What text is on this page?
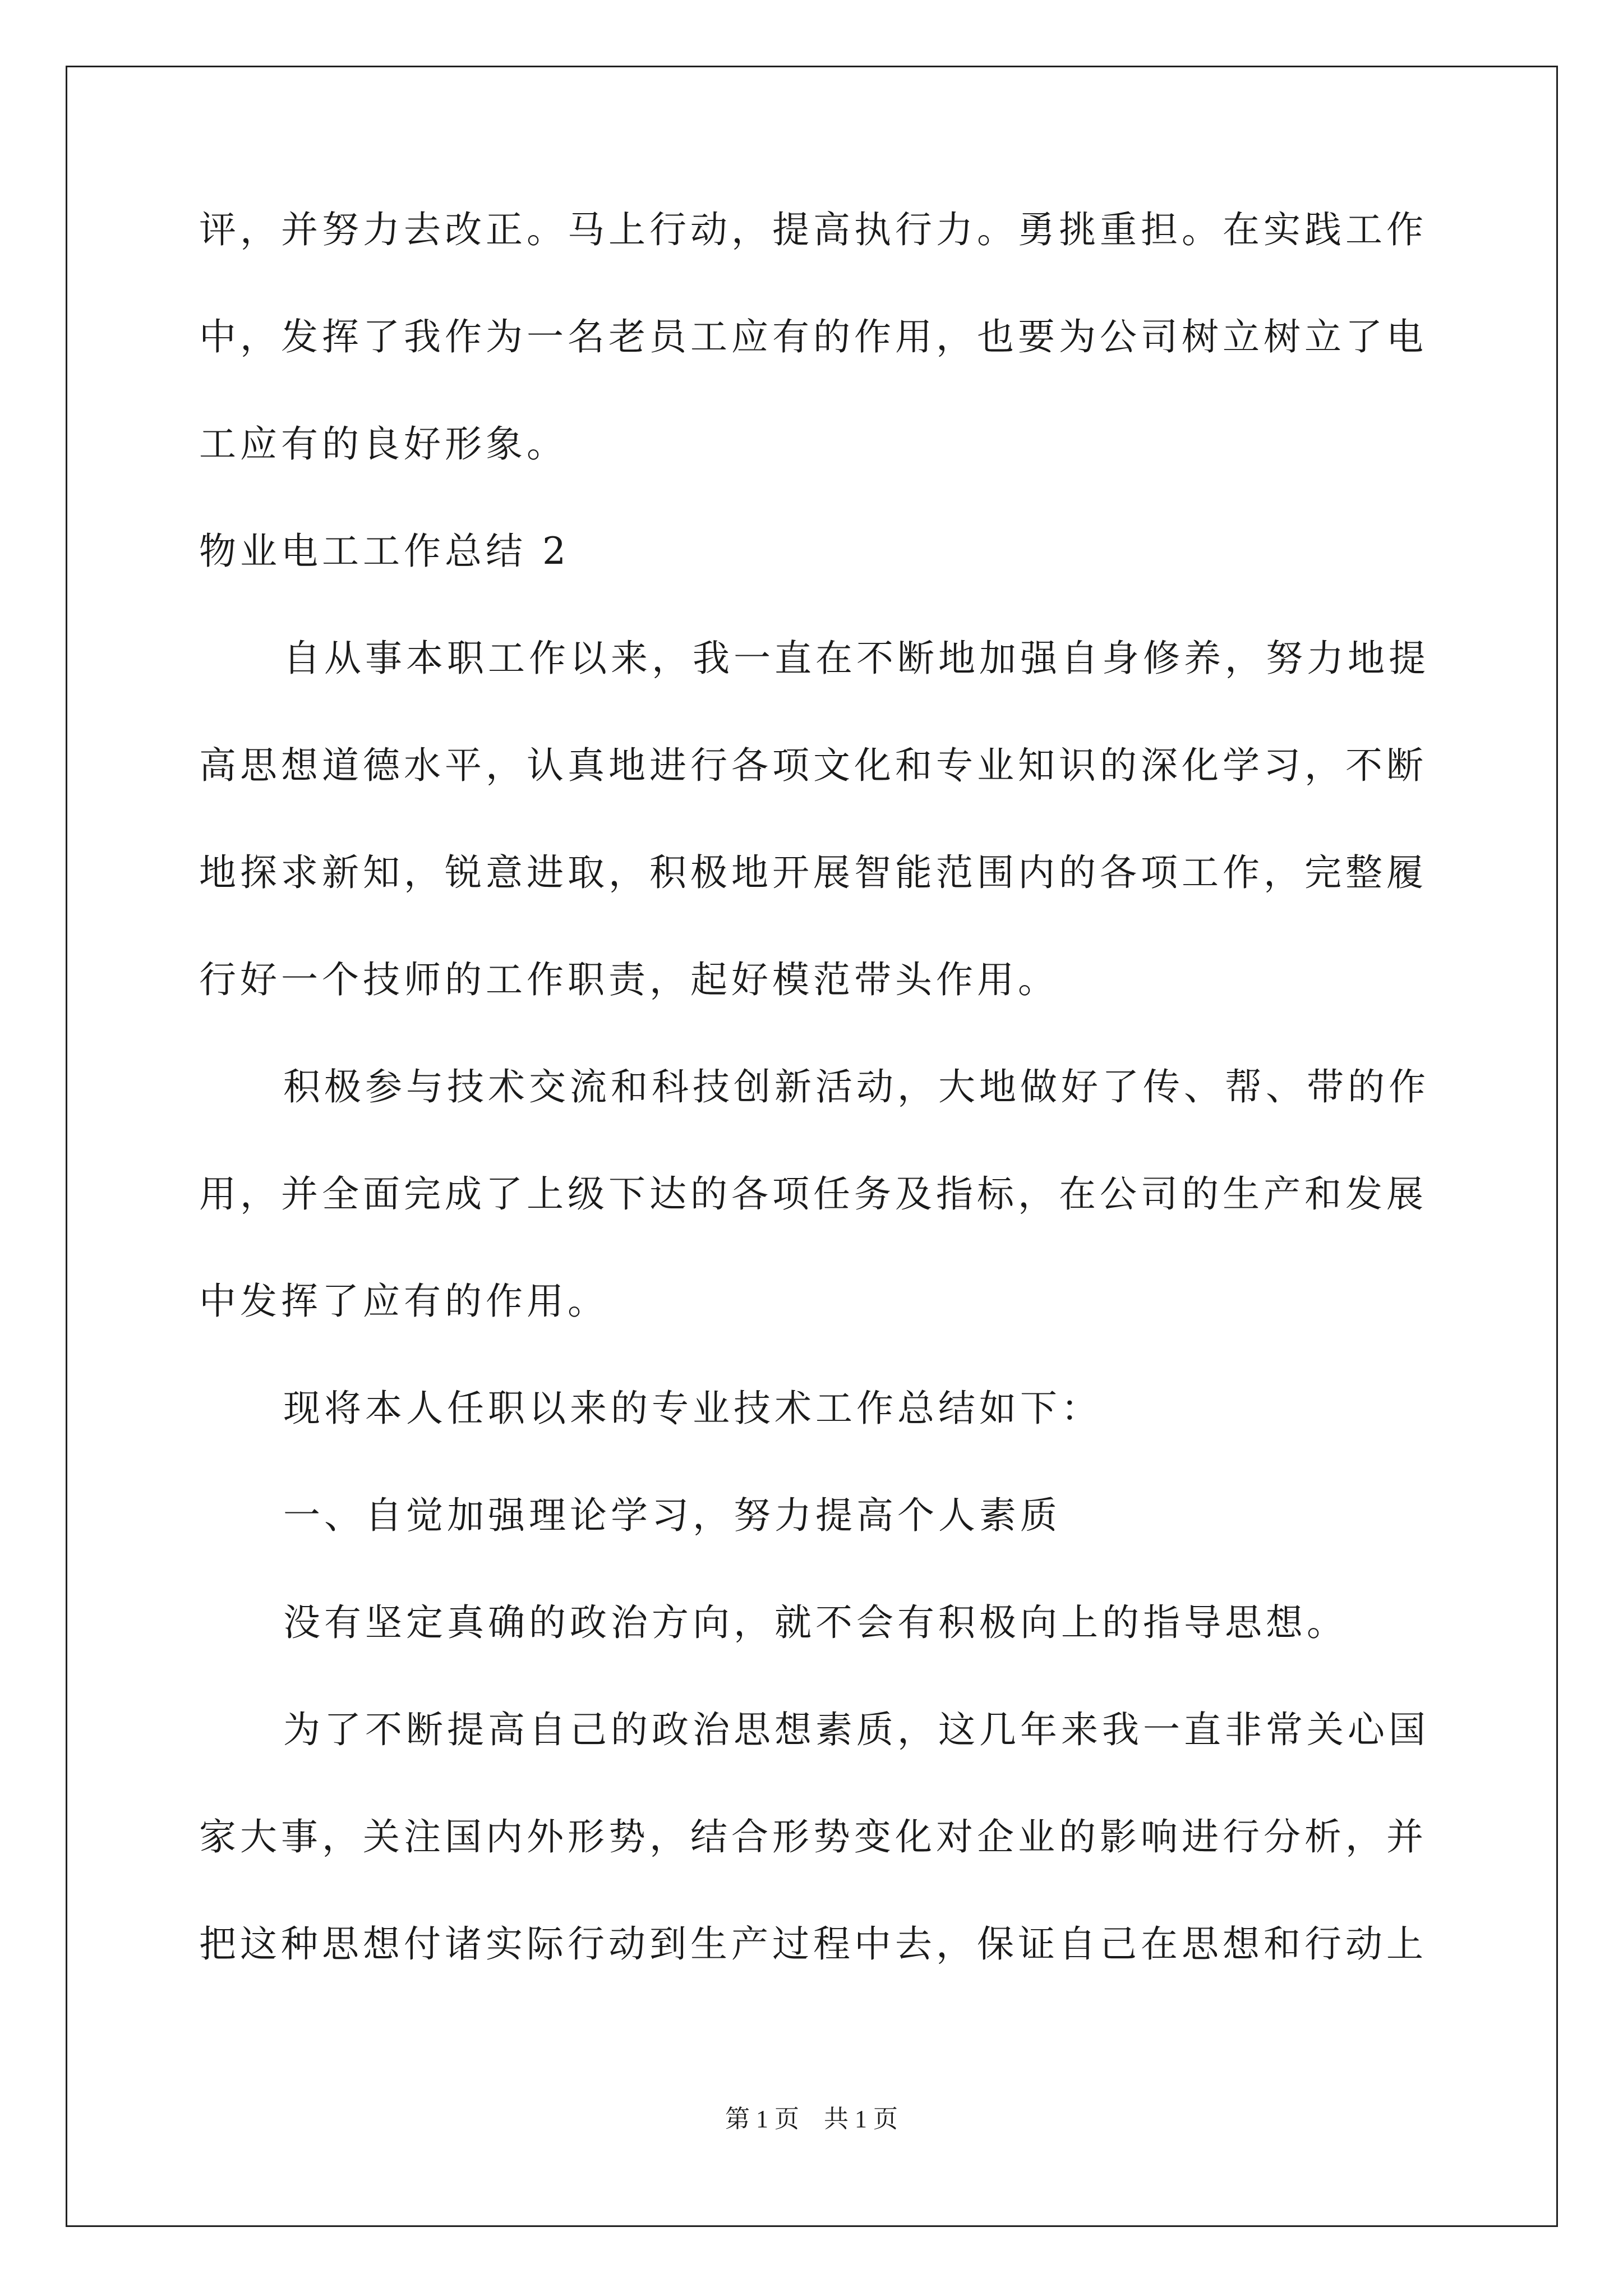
评，并努力去改正。马上行动，提高执行力。勇挑重担。在实践工作
中，发挥了我作为一名老员工应有的作用，也要为公司树立树立了电
工应有的良好形象。
物业电工工作总结 2
自从事本职工作以来，我一直在不断地加强自身修养，努力地提
高思想道德水平，认真地进行各项文化和专业知识的深化学习，不断
地探求新知，锐意进取，积极地开展智能范围内的各项工作，完整履
行好一个技师的工作职责，起好模范带头作用。
积极参与技术交流和科技创新活动，大地做好了传、帮、带的作
用，并全面完成了上级下达的各项任务及指标，在公司的生产和发展
中发挥了应有的作用。
现将本人任职以来的专业技术工作总结如下：
一、自觉加强理论学习，努力提高个人素质
没有坚定真确的政治方向，就不会有积极向上的指导思想。
为了不断提高自己的政治思想素质，这几年来我一直非常关心国
家大事，关注国内外形势，结合形势变化对企业的影响进行分析，并
把这种思想付诸实际行动到生产过程中去，保证自己在思想和行动上
第 1 页　共 1 页
